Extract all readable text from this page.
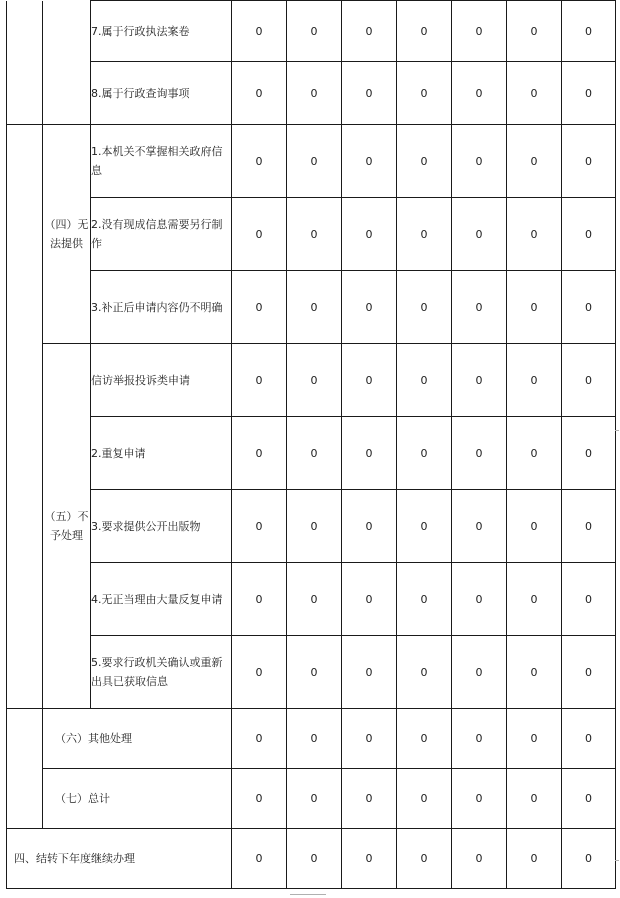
		7.属于行政执法案卷	0	0	0	0	0	0	0
		8.属于行政查询事项	0	0	0	0	0	0	0
	（四）无法提供	1.本机关不掌握相关政府信息	0	0	0	0	0	0	0
		2.没有现成信息需要另行制作	0	0	0	0	0	0	0
		3.补正后申请内容仍不明确	0	0	0	0	0	0	0
	（五）不予处理	信访举报投诉类申请	0	0	0	0	0	0	0
		2.重复申请	0	0	0	0	0	0	0
		3.要求提供公开出版物	0	0	0	0	0	0	0
		4.无正当理由大量反复申请	0	0	0	0	0	0	0
		5.要求行政机关确认或重新出具已获取信息	0	0	0	0	0	0	0
	（六）其他处理		0	0	0	0	0	0	0
	（七）总计		0	0	0	0	0	0	0
四、结转下年度继续办理			0	0	0	0	0	0	0
